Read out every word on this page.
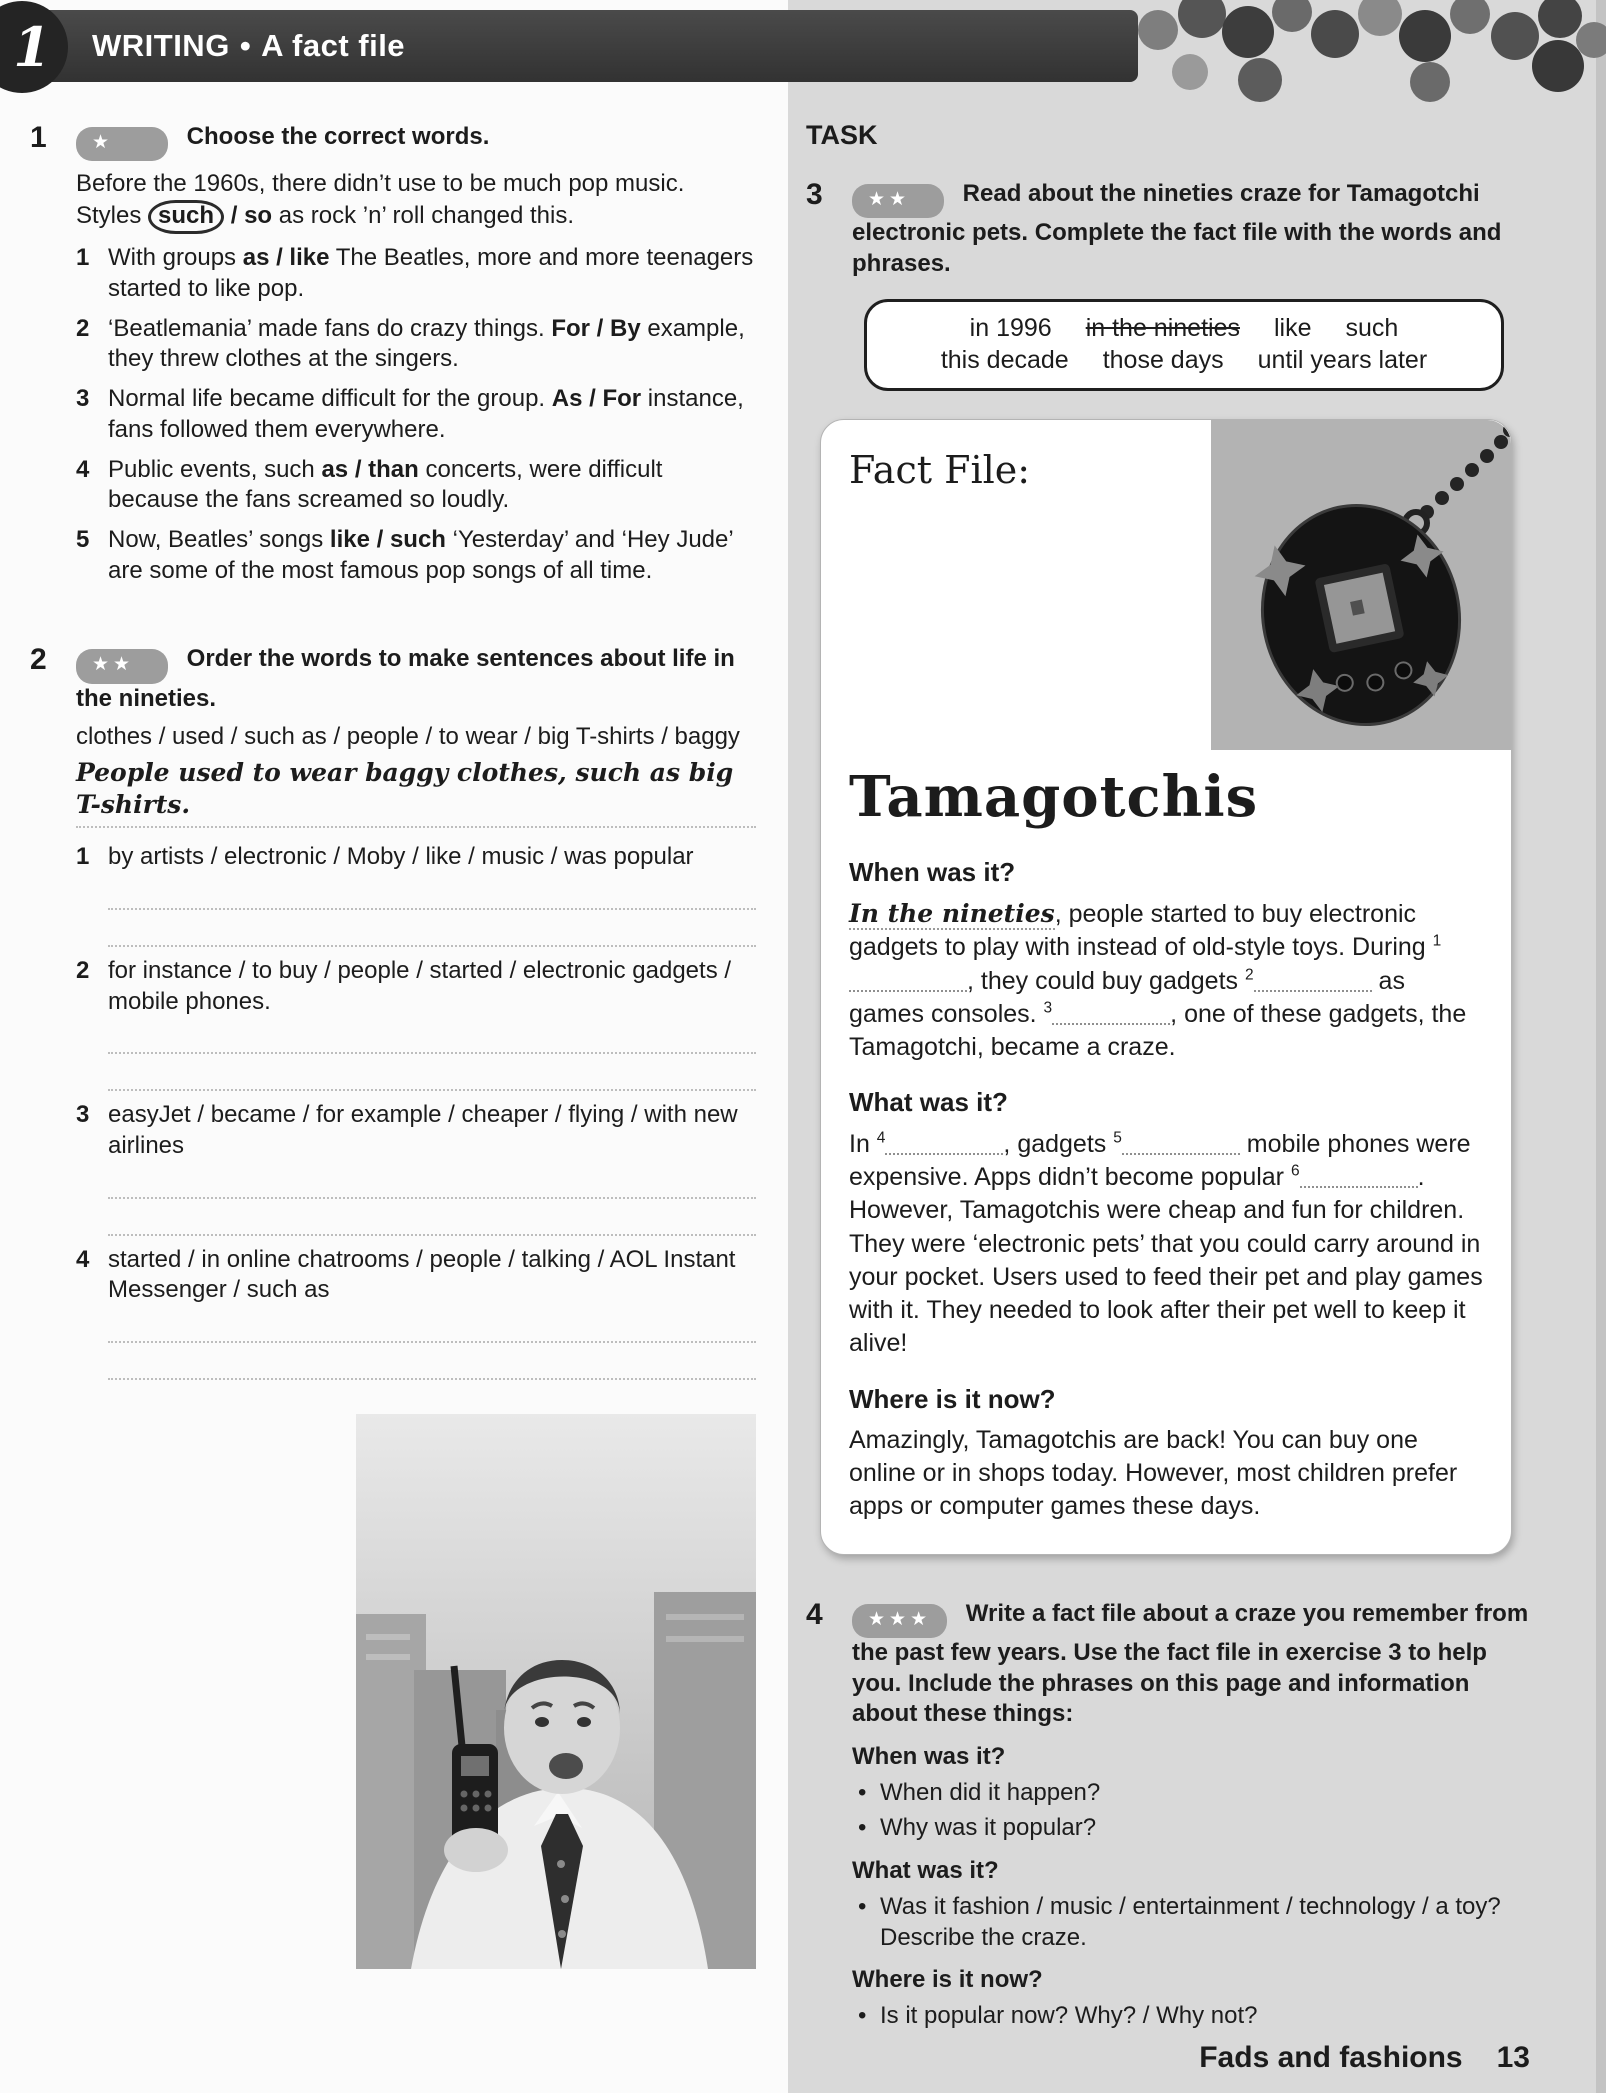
1 WRITING • A fact file
1 ★	Choose the correct words.

Before the 1960s, there didn’t use to be much pop music. Styles such / so as rock ’n’ roll changed this.

1 With groups as / like The Beatles, more and more teenagers started to like pop.
2 ‘Beatlemania’ made fans do crazy things. For / By example, they threw clothes at the singers.
3 Normal life became difficult for the group. As / For instance, fans followed them everywhere.
4 Public events, such as / than concerts, were difficult because the fans screamed so loudly.
5 Now, Beatles’ songs like / such ‘Yesterday’ and ‘Hey Jude’ are some of the most famous pop songs of all time.
2 ★★ Order the words to make sentences about life in the nineties.

clothes / used / such as / people / to wear / big T-shirts / baggy

People used to wear baggy clothes, such as big T-shirts.
1 by artists / electronic / Moby / like / music / was popular
2 for instance / to buy / people / started / electronic gadgets / mobile phones.
3 easyJet / became / for example / cheaper / flying / with new airlines
4 started / in online chatrooms / people / talking / AOL Instant Messenger / such as
TASK
3 ★★ Read about the nineties craze for Tamagotchi electronic pets. Complete the fact file with the words and phrases.
in 1996 in the nineties like such
this decade those days until years later
Fact File:
Tamagotchis
When was it?

In the nineties, people started to buy electronic gadgets to play with instead of old-style toys. During $^1$, they could buy gadgets $^2$	as games consoles. $^3$	, one of these gadgets, the Tamagotchi, became a craze.

What was it?

In $^4$	, gadgets $^5$	mobile phones were expensive. Apps didn’t become popular $^6$	. However, Tamagotchis were cheap and fun for children. They were ‘electronic pets’ that you could carry around in your pocket. Users used to feed their pet and play games with it. They needed to look after their pet well to keep it alive!

Where is it now?

Amazingly, Tamagotchis are back! You can buy one online or in shops today. However, most children prefer apps or computer games these days.

4 ★★★ Write a fact file about a craze you remember from the past few years. Use the fact file in exercise 3 to help you. Include the phrases on this page and information about these things:
When was it?
• When did it happen?
• Why was it popular?
What was it?
• Was it fashion / music / entertainment / technology / a toy? Describe the craze.
Where is it now?
• Is it popular now? Why? / Why not?
Fads and fashions 13
